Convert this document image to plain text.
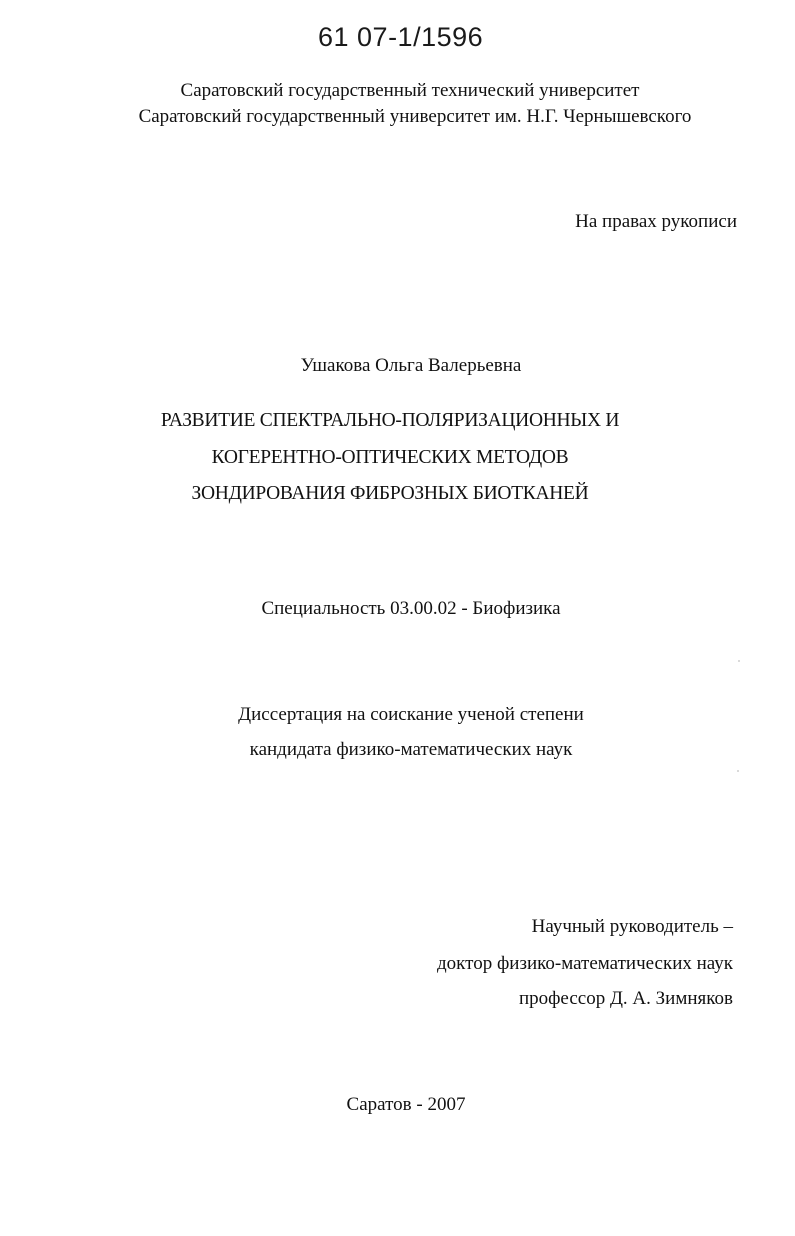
61 07-1/1596
Саратовский государственный технический университет
Саратовский государственный университет им. Н.Г. Чернышевского
На правах рукописи
Ушакова Ольга Валерьевна
РАЗВИТИЕ СПЕКТРАЛЬНО-ПОЛЯРИЗАЦИОННЫХ И
КОГЕРЕНТНО-ОПТИЧЕСКИХ МЕТОДОВ
ЗОНДИРОВАНИЯ ФИБРОЗНЫХ БИОТКАНЕЙ
Специальность 03.00.02 - Биофизика
Диссертация на соискание ученой степени
кандидата физико-математических наук
Научный руководитель –
доктор физико-математических наук
профессор Д. А. Зимняков
Саратов - 2007
